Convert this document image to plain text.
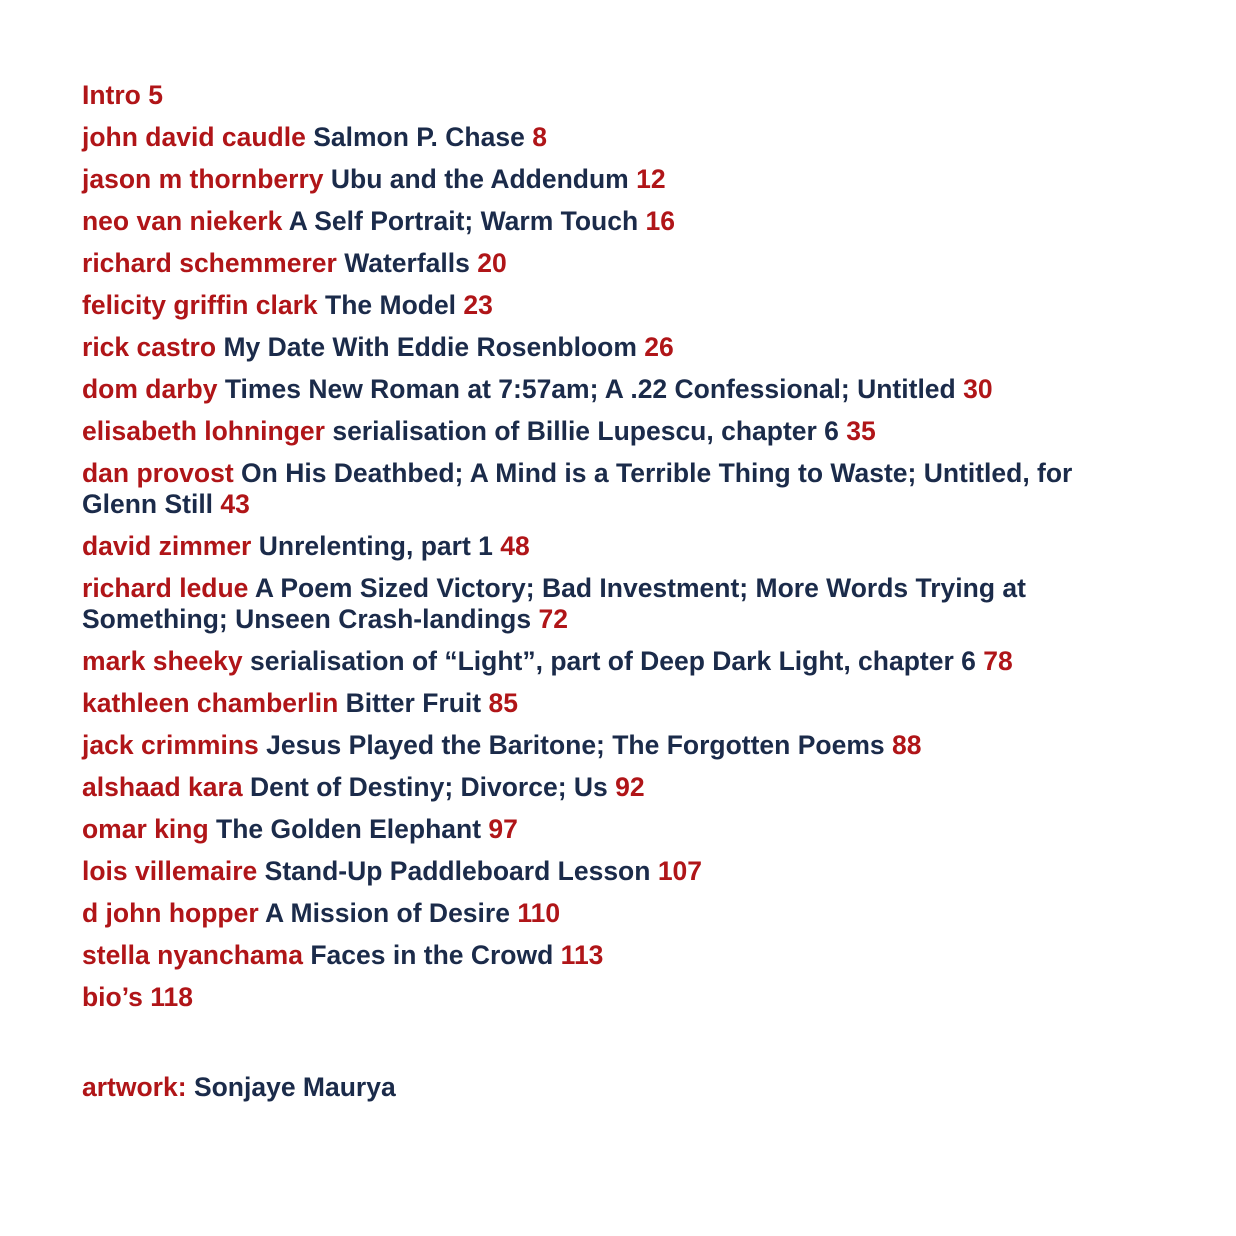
Intro 5
john david caudle Salmon P. Chase 8
jason m thornberry Ubu and the Addendum 12
neo van niekerk A Self Portrait; Warm Touch 16
richard schemmerer Waterfalls 20
felicity griffin clark The Model 23
rick castro My Date With Eddie Rosenbloom 26
dom darby Times New Roman at 7:57am; A .22 Confessional; Untitled 30
elisabeth lohninger serialisation of Billie Lupescu, chapter 6 35
dan provost On His Deathbed; A Mind is a Terrible Thing to Waste; Untitled, for Glenn Still 43
david zimmer Unrelenting, part 1 48
richard ledue A Poem Sized Victory; Bad Investment; More Words Trying at Something; Unseen Crash-landings 72
mark sheeky serialisation of “Light”, part of Deep Dark Light, chapter 6 78
kathleen chamberlin Bitter Fruit 85
jack crimmins Jesus Played the Baritone; The Forgotten Poems 88
alshaad kara Dent of Destiny; Divorce; Us 92
omar king The Golden Elephant 97
lois villemaire Stand-Up Paddleboard Lesson 107
d john hopper A Mission of Desire 110
stella nyanchama Faces in the Crowd 113
bio’s 118
artwork: Sonjaye Maurya
